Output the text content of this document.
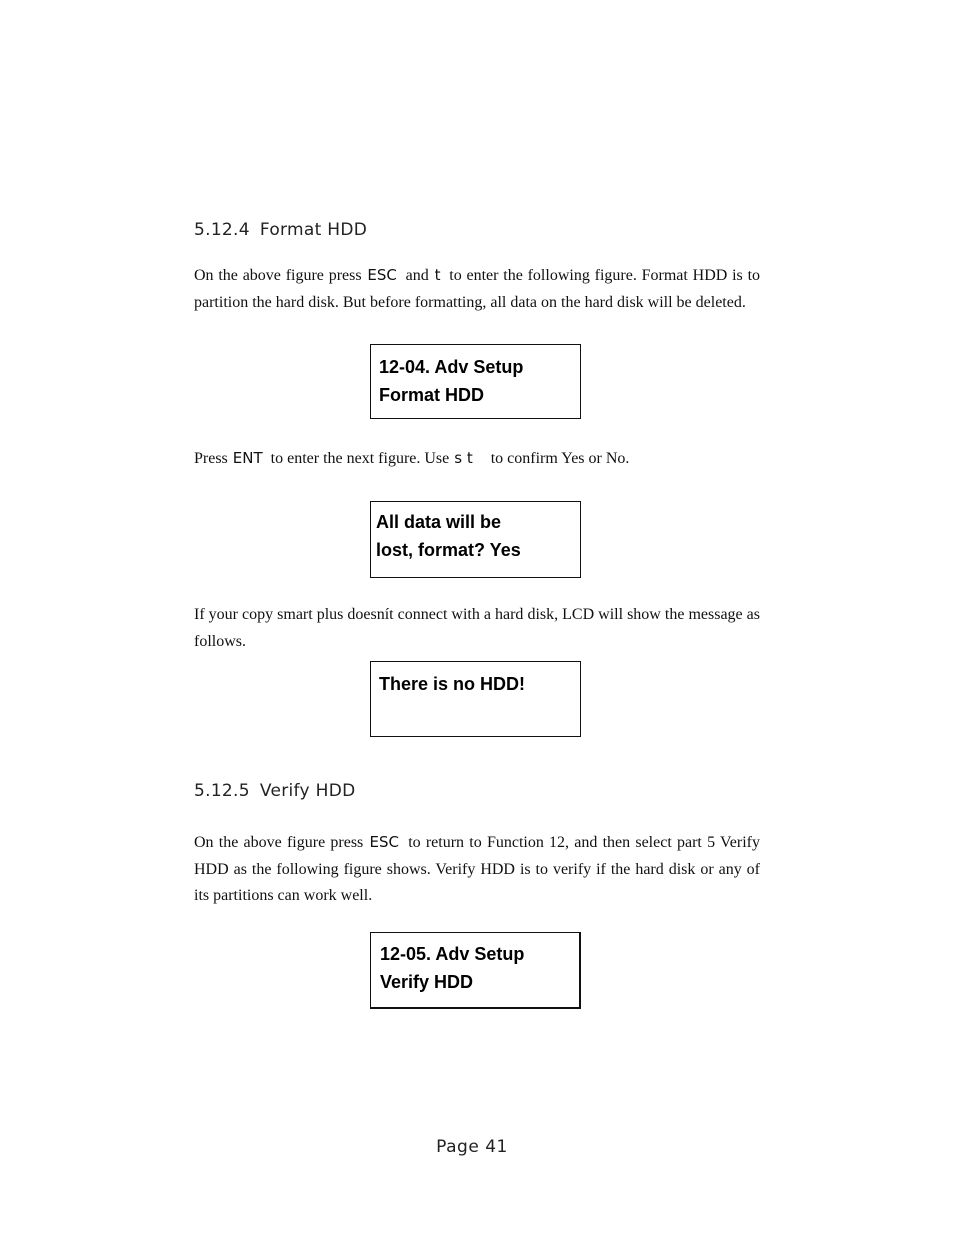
5.12.4 Format HDD
On the above figure press ESC and t to enter the following figure. Format HDD is to partition the hard disk. But before formatting, all data on the hard disk will be deleted.
12-04. Adv Setup
Format HDD
Press ENT to enter the next figure. Use s t to confirm Yes or No.
All data will be
lost, format? Yes
If your copy smart plus doesnít connect with a hard disk, LCD will show the message as follows.
There is no HDD!
5.12.5 Verify HDD
On the above figure press ESC to return to Function 12, and then select part 5 Verify HDD as the following figure shows. Verify HDD is to verify if the hard disk or any of its partitions can work well.
12-05. Adv Setup
Verify HDD
Page 41
